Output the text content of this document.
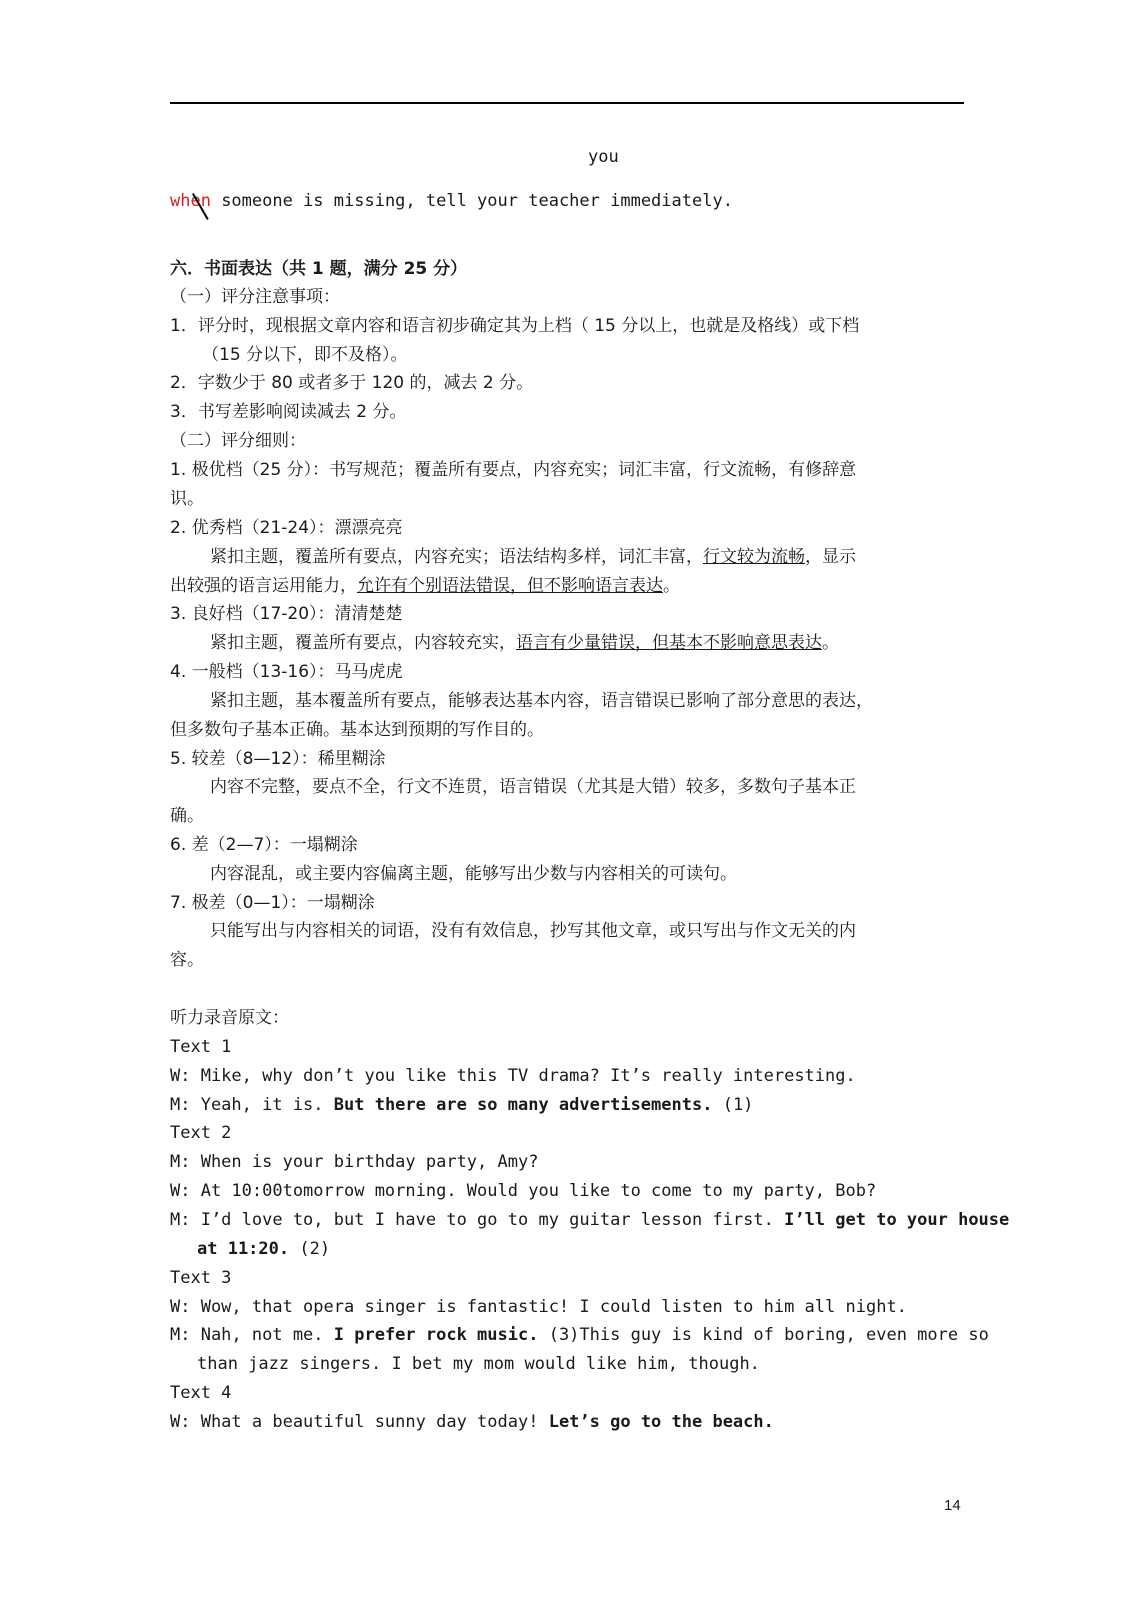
you
when someone is missing, tell your teacher immediately.
六．书面表达（共 1 题，满分 25 分）
（一）评分注意事项：
1．评分时，现根据文章内容和语言初步确定其为上档（ 15 分以上，也就是及格线）或下档
（15 分以下，即不及格）。
2．字数少于 80 或者多于 120 的，减去 2 分。
3．书写差影响阅读减去 2 分。
（二）评分细则：
1. 极优档（25 分）：书写规范；覆盖所有要点，内容充实；词汇丰富，行文流畅，有修辞意
识。
2. 优秀档（21-24）：漂漂亮亮
紧扣主题，覆盖所有要点，内容充实；语法结构多样，词汇丰富，行文较为流畅，显示
出较强的语言运用能力，允许有个别语法错误，但不影响语言表达。
3. 良好档（17-20）：清清楚楚
紧扣主题，覆盖所有要点，内容较充实，语言有少量错误，但基本不影响意思表达。
4. 一般档（13-16）：马马虎虎
紧扣主题，基本覆盖所有要点，能够表达基本内容，语言错误已影响了部分意思的表达，
但多数句子基本正确。基本达到预期的写作目的。
5. 较差（8—12）：稀里糊涂
内容不完整，要点不全，行文不连贯，语言错误（尤其是大错）较多，多数句子基本正
确。
6. 差（2—7）：一塌糊涂
内容混乱，或主要内容偏离主题，能够写出少数与内容相关的可读句。
7. 极差（0—1）：一塌糊涂
只能写出与内容相关的词语，没有有效信息，抄写其他文章，或只写出与作文无关的内
容。
听力录音原文：
Text 1
W: Mike, why don’t you like this TV drama? It’s really interesting.
M: Yeah, it is. But there are so many advertisements. (1)
Text 2
M: When is your birthday party, Amy?
W: At 10:00tomorrow morning. Would you like to come to my party, Bob?
M: I’d love to, but I have to go to my guitar lesson first. I’ll get to your house
at 11:20. (2)
Text 3
W: Wow, that opera singer is fantastic! I could listen to him all night.
M: Nah, not me. I prefer rock music. (3)This guy is kind of boring, even more so
than jazz singers. I bet my mom would like him, though.
Text 4
W: What a beautiful sunny day today! Let’s go to the beach.
14
